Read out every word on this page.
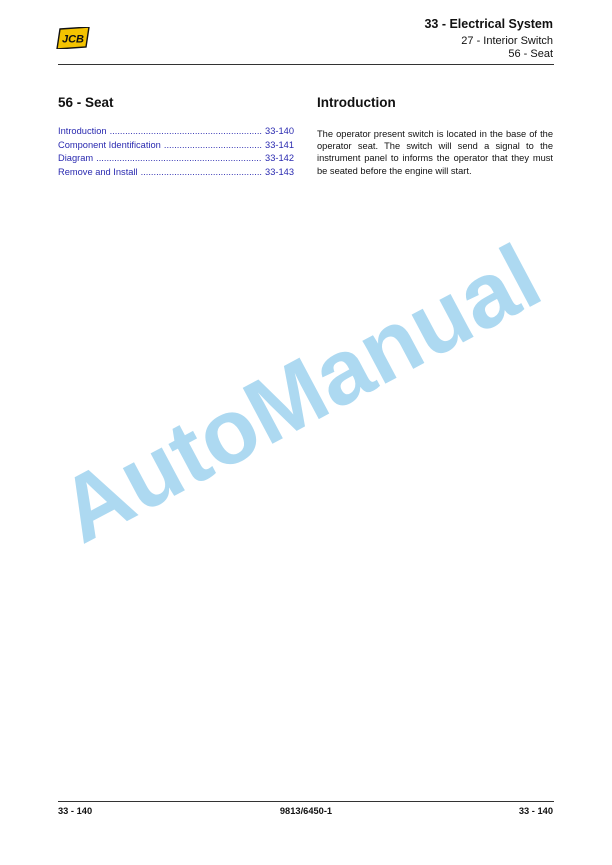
JCB
33 - Electrical System
27 - Interior Switch
56 - Seat
56 - Seat
Introduction .....	33-140
Component Identification .....	33-141
Diagram .....	33-142
Remove and Install .....	33-143
Introduction
The operator present switch is located in the base of the operator seat. The switch will send a signal to the instrument panel to informs the operator that they must be seated before the engine will start.
AutoManual
33 - 140	9813/6450-1	33 - 140
